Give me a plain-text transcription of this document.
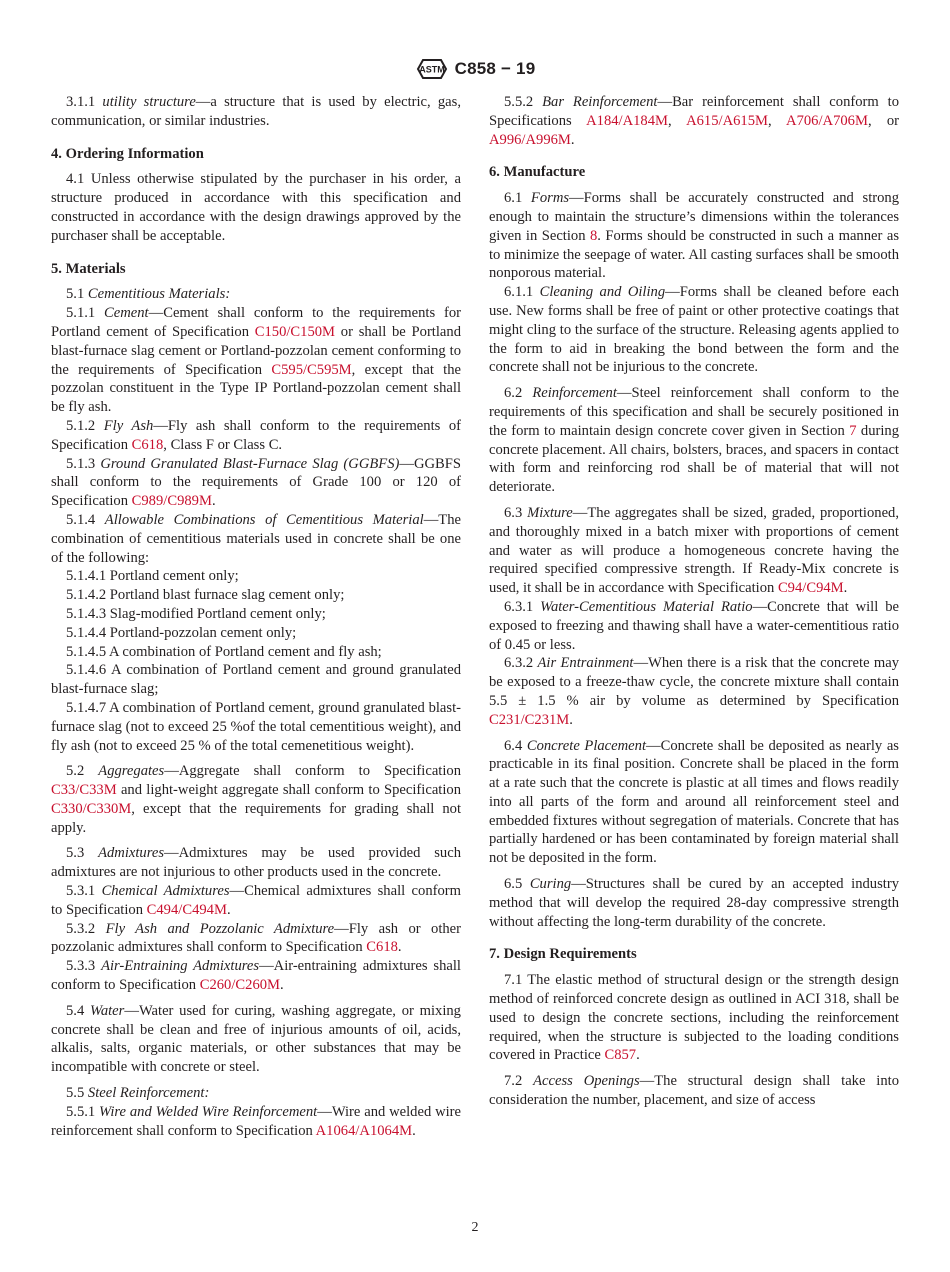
ASTM C858 − 19

3.1.1 utility structure—a structure that is used by electric, gas, communication, or similar industries.

4. Ordering Information

4.1 Unless otherwise stipulated by the purchaser in his order, a structure produced in accordance with this specification and constructed in accordance with the design drawings approved by the purchaser shall be acceptable.

5. Materials

5.1 Cementitious Materials:

5.1.1 Cement—Cement shall conform to the requirements for Portland cement of Specification C150/C150M or shall be Portland blast-furnace slag cement or Portland-pozzolan cement conforming to the requirements of Specification C595/C595M, except that the pozzolan constituent in the Type IP Portland-pozzolan cement shall be fly ash.

5.1.2 Fly Ash—Fly ash shall conform to the requirements of Specification C618, Class F or Class C.

5.1.3 Ground Granulated Blast-Furnace Slag (GGBFS)—GGBFS shall conform to the requirements of Grade 100 or 120 of Specification C989/C989M.

5.1.4 Allowable Combinations of Cementitious Material—The combination of cementitious materials used in concrete shall be one of the following:

5.1.4.1 Portland cement only;

5.1.4.2 Portland blast furnace slag cement only;

5.1.4.3 Slag-modified Portland cement only;

5.1.4.4 Portland-pozzolan cement only;

5.1.4.5 A combination of Portland cement and fly ash;

5.1.4.6 A combination of Portland cement and ground granulated blast-furnace slag;

5.1.4.7 A combination of Portland cement, ground granulated blast-furnace slag (not to exceed 25 %of the total cementitious weight), and fly ash (not to exceed 25 % of the total cemenetitious weight).

5.2 Aggregates—Aggregate shall conform to Specification C33/C33M and light-weight aggregate shall conform to Specification C330/C330M, except that the requirements for grading shall not apply.

5.3 Admixtures—Admixtures may be used provided such admixtures are not injurious to other products used in the concrete.

5.3.1 Chemical Admixtures—Chemical admixtures shall conform to Specification C494/C494M.

5.3.2 Fly Ash and Pozzolanic Admixture—Fly ash or other pozzolanic admixtures shall conform to Specification C618.

5.3.3 Air-Entraining Admixtures—Air-entraining admixtures shall conform to Specification C260/C260M.

5.4 Water—Water used for curing, washing aggregate, or mixing concrete shall be clean and free of injurious amounts of oil, acids, alkalis, salts, organic materials, or other substances that may be incompatible with concrete or steel.

5.5 Steel Reinforcement:

5.5.1 Wire and Welded Wire Reinforcement—Wire and welded wire reinforcement shall conform to Specification A1064/A1064M.

5.5.2 Bar Reinforcement—Bar reinforcement shall conform to Specifications A184/A184M, A615/A615M, A706/A706M, or A996/A996M.

6. Manufacture

6.1 Forms—Forms shall be accurately constructed and strong enough to maintain the structure’s dimensions within the tolerances given in Section 8. Forms should be constructed in such a manner as to minimize the seepage of water. All casting surfaces shall be smooth nonporous material.

6.1.1 Cleaning and Oiling—Forms shall be cleaned before each use. New forms shall be free of paint or other protective coatings that might cling to the surface of the structure. Releasing agents applied to the form to aid in breaking the bond between the form and the concrete shall not be injurious to the concrete.

6.2 Reinforcement—Steel reinforcement shall conform to the requirements of this specification and shall be securely positioned in the form to maintain design concrete cover given in Section 7 during concrete placement. All chairs, bolsters, braces, and spacers in contact with form and reinforcing rod shall be of material that will not deteriorate.

6.3 Mixture—The aggregates shall be sized, graded, proportioned, and thoroughly mixed in a batch mixer with proportions of cement and water as will produce a homogeneous concrete having the required specified compressive strength. If Ready-Mix concrete is used, it shall be in accordance with Specification C94/C94M.

6.3.1 Water-Cementitious Material Ratio—Concrete that will be exposed to freezing and thawing shall have a water-cementitious ratio of 0.45 or less.

6.3.2 Air Entrainment—When there is a risk that the concrete may be exposed to a freeze-thaw cycle, the concrete mixture shall contain 5.5 ± 1.5 % air by volume as determined by Specification C231/C231M.

6.4 Concrete Placement—Concrete shall be deposited as nearly as practicable in its final position. Concrete shall be placed in the form at a rate such that the concrete is plastic at all times and flows readily into all parts of the form and around all reinforcement steel and embedded fixtures without segregation of materials. Concrete that has partially hardened or has been contaminated by foreign material shall not be deposited in the form.

6.5 Curing—Structures shall be cured by an accepted industry method that will develop the required 28-day compressive strength without affecting the long-term durability of the concrete.

7. Design Requirements

7.1 The elastic method of structural design or the strength design method of reinforced concrete design as outlined in ACI 318, shall be used to design the concrete sections, including the reinforcement required, when the structure is subjected to the loading conditions covered in Practice C857.

7.2 Access Openings—The structural design shall take into consideration the number, placement, and size of access

2
